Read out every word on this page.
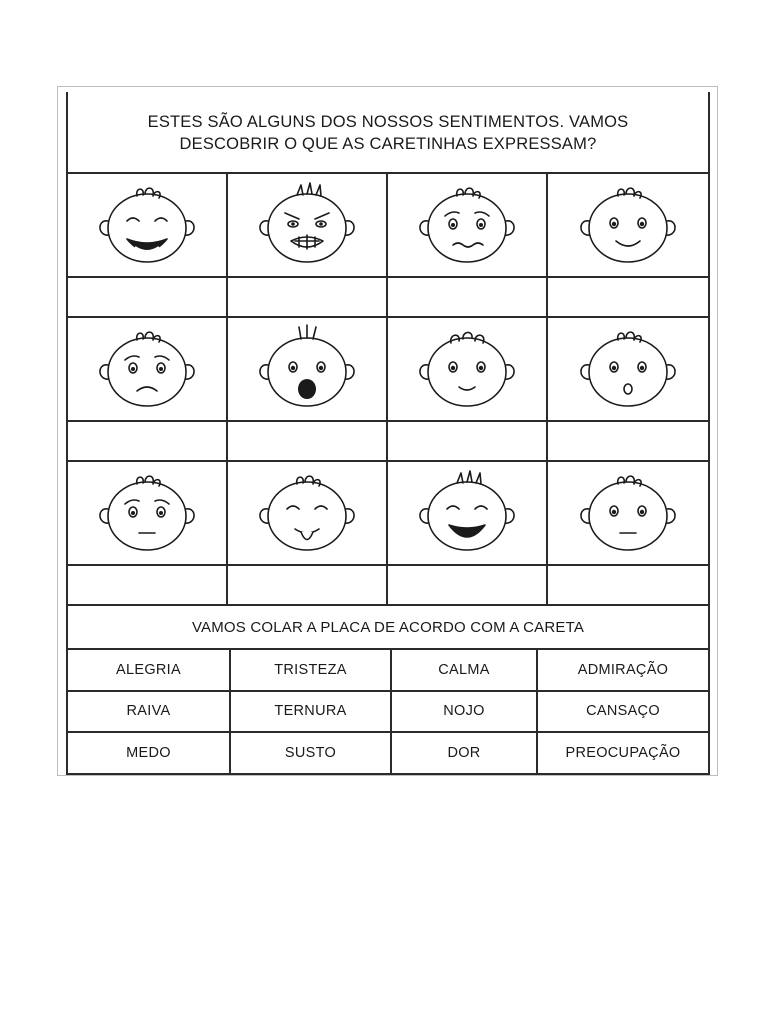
ESTES SÃO ALGUNS DOS NOSSOS SENTIMENTOS. VAMOS
DESCOBRIR O QUE AS CARETINHAS EXPRESSAM?
VAMOS COLAR A PLACA DE ACORDO COM A CARETA
ALEGRIA	TRISTEZA	CALMA	ADMIRAÇÃO
RAIVA	TERNURA	NOJO	CANSAÇO
MEDO	SUSTO	DOR	PREOCUPAÇÃO
